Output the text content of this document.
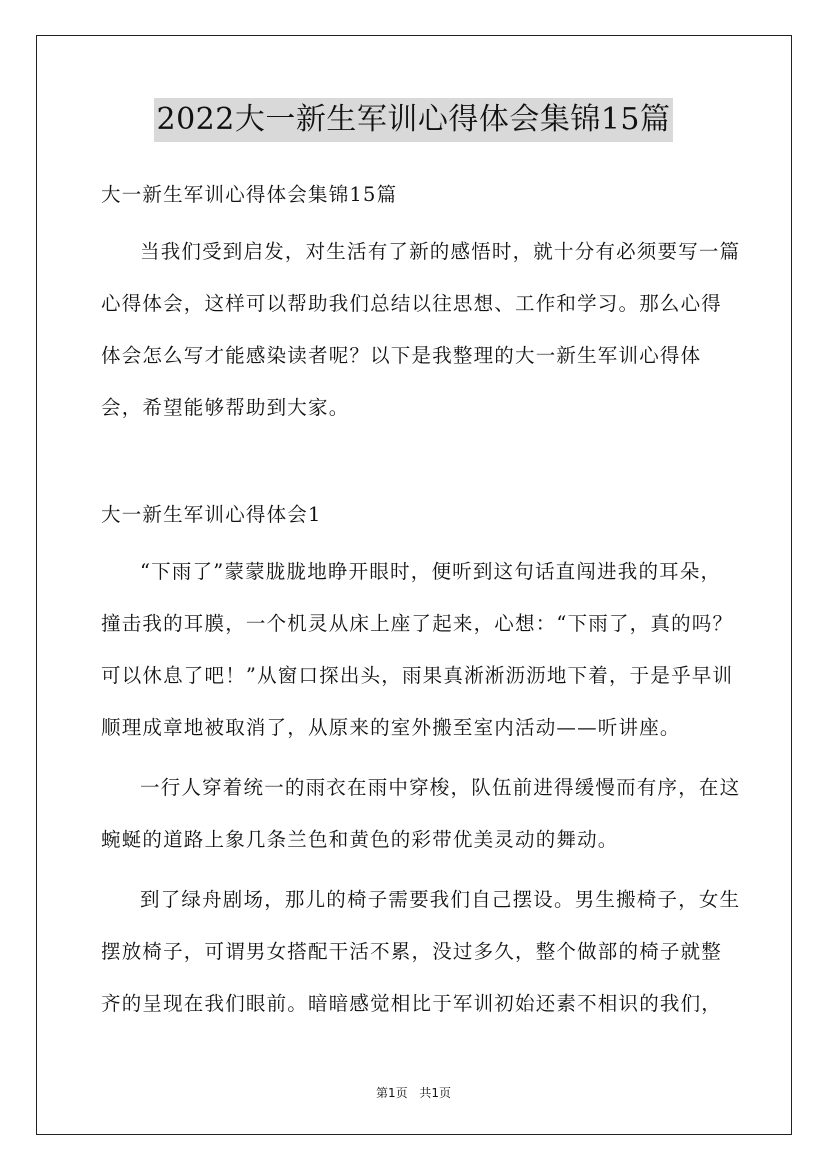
2022大一新生军训心得体会集锦15篇
大一新生军训心得体会集锦15篇

当我们受到启发，对生活有了新的感悟时，就十分有必须要写一篇心得体会，这样可以帮助我们总结以往思想、工作和学习。那么心得体会怎么写才能感染读者呢？以下是我整理的大一新生军训心得体会，希望能够帮助到大家。

大一新生军训心得体会1

“下雨了”蒙蒙胧胧地睁开眼时，便听到这句话直闯进我的耳朵，撞击我的耳膜，一个机灵从床上座了起来，心想：“下雨了，真的吗？可以休息了吧！”从窗口探出头，雨果真淅淅沥沥地下着，于是乎早训顺理成章地被取消了，从原来的室外搬至室内活动——听讲座。

一行人穿着统一的雨衣在雨中穿梭，队伍前进得缓慢而有序，在这蜿蜒的道路上象几条兰色和黄色的彩带优美灵动的舞动。

到了绿舟剧场，那儿的椅子需要我们自己摆设。男生搬椅子，女生摆放椅子，可谓男女搭配干活不累，没过多久，整个做部的椅子就整齐的呈现在我们眼前。暗暗感觉相比于军训初始还素不相识的我们，

第1页 共1页
